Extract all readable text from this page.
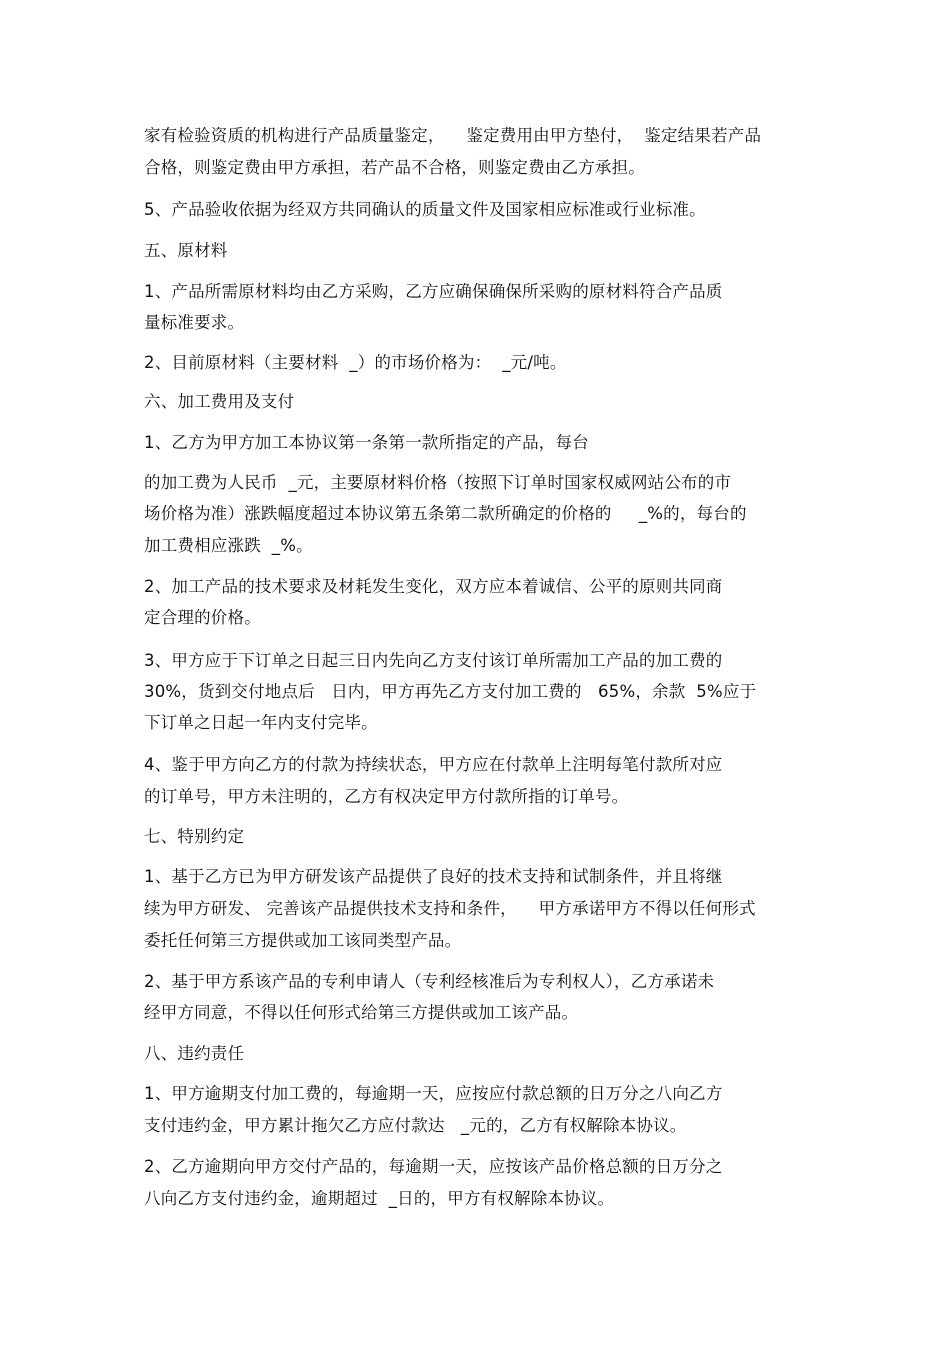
家有检验资质的机构进行产品质量鉴定，    鉴定费用由甲方垫付，  鉴定结果若产品
合格，则鉴定费由甲方承担，若产品不合格，则鉴定费由乙方承担。
5、产品验收依据为经双方共同确认的质量文件及国家相应标准或行业标准。
五、原材料
1、产品所需原材料均由乙方采购，乙方应确保确保所采购的原材料符合产品质
量标准要求。
2、目前原材料（主要材料  _）的市场价格为：  _元/吨。
六、加工费用及支付
1、乙方为甲方加工本协议第一条第一款所指定的产品，每台
的加工费为人民币  _元，主要原材料价格（按照下订单时国家权威网站公布的市
场价格为准）涨跌幅度超过本协议第五条第二款所确定的价格的     _%的，每台的
加工费相应涨跌  _%。
2、加工产品的技术要求及材耗发生变化，双方应本着诚信、公平的原则共同商
定合理的价格。
3、甲方应于下订单之日起三日内先向乙方支付该订单所需加工产品的加工费的
30%，货到交付地点后   日内，甲方再先乙方支付加工费的   65%，余款  5%应于
下订单之日起一年内支付完毕。
4、鉴于甲方向乙方的付款为持续状态，甲方应在付款单上注明每笔付款所对应
的订单号，甲方未注明的，乙方有权决定甲方付款所指的订单号。
七、特别约定
1、基于乙方已为甲方研发该产品提供了良好的技术支持和试制条件，并且将继
续为甲方研发、 完善该产品提供技术支持和条件，    甲方承诺甲方不得以任何形式
委托任何第三方提供或加工该同类型产品。
2、基于甲方系该产品的专利申请人（专利经核准后为专利权人），乙方承诺未
经甲方同意，不得以任何形式给第三方提供或加工该产品。
八、违约责任
1、甲方逾期支付加工费的，每逾期一天，应按应付款总额的日万分之八向乙方
支付违约金，甲方累计拖欠乙方应付款达   _元的，乙方有权解除本协议。
2、乙方逾期向甲方交付产品的，每逾期一天，应按该产品价格总额的日万分之
八向乙方支付违约金，逾期超过  _日的，甲方有权解除本协议。
